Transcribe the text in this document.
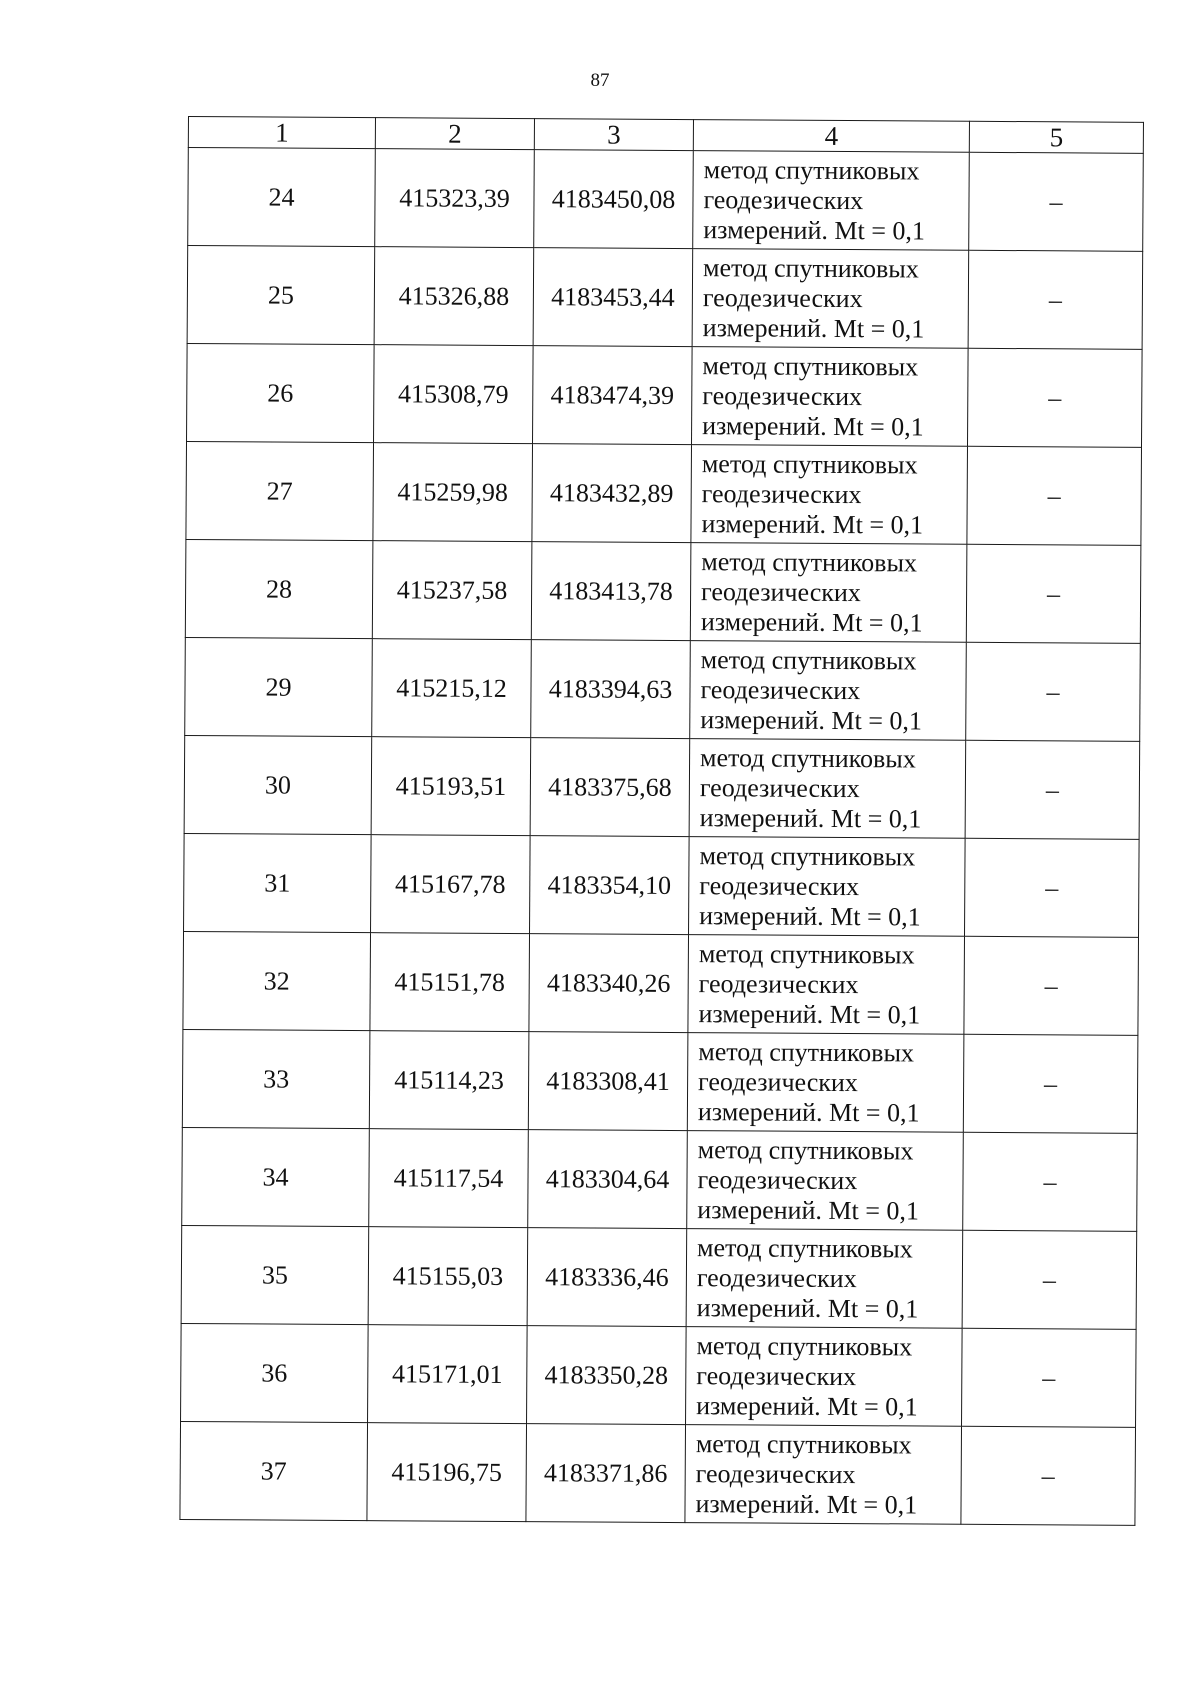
87
1	2	3	4	5
24	415323,39	4183450,08	метод спутниковых
геодезических
измерений. Mt = 0,1	–
25	415326,88	4183453,44	метод спутниковых
геодезических
измерений. Mt = 0,1	–
26	415308,79	4183474,39	метод спутниковых
геодезических
измерений. Mt = 0,1	–
27	415259,98	4183432,89	метод спутниковых
геодезических
измерений. Mt = 0,1	–
28	415237,58	4183413,78	метод спутниковых
геодезических
измерений. Mt = 0,1	–
29	415215,12	4183394,63	метод спутниковых
геодезических
измерений. Mt = 0,1	–
30	415193,51	4183375,68	метод спутниковых
геодезических
измерений. Mt = 0,1	–
31	415167,78	4183354,10	метод спутниковых
геодезических
измерений. Mt = 0,1	–
32	415151,78	4183340,26	метод спутниковых
геодезических
измерений. Mt = 0,1	–
33	415114,23	4183308,41	метод спутниковых
геодезических
измерений. Mt = 0,1	–
34	415117,54	4183304,64	метод спутниковых
геодезических
измерений. Mt = 0,1	–
35	415155,03	4183336,46	метод спутниковых
геодезических
измерений. Mt = 0,1	–
36	415171,01	4183350,28	метод спутниковых
геодезических
измерений. Mt = 0,1	–
37	415196,75	4183371,86	метод спутниковых
геодезических
измерений. Mt = 0,1	–
